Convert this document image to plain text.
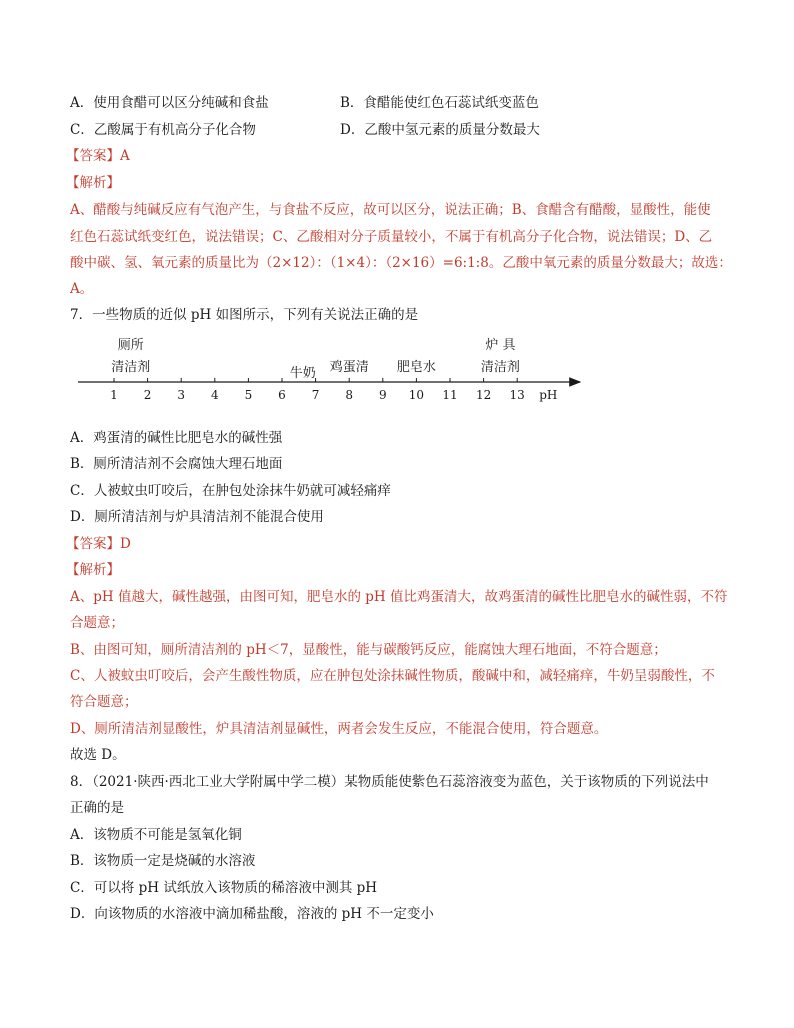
A．使用食醋可以区分纯碱和食盐	B．食醋能使红色石蕊试纸变蓝色
C．乙酸属于有机高分子化合物	D．乙酸中氢元素的质量分数最大
【答案】A
【解析】
A、醋酸与纯碱反应有气泡产生，与食盐不反应，故可以区分，说法正确；B、食醋含有醋酸，显酸性，能使
红色石蕊试纸变红色，说法错误；C、乙酸相对分子质量较小，不属于有机高分子化合物，说法错误；D、乙
酸中碳、氢、氧元素的质量比为（2×12）：（1×4）：（2×16）=6:1:8。乙酸中氧元素的质量分数最大；故选：
A。
7．一些物质的近似 pH 如图所示，下列有关说法正确的是
1 2 3 4 5 6 7 8 9 10 11 12 13 pH
厕所
清洁剂	牛奶 鸡蛋清 肥皂水
炉 具
清洁剂
A．鸡蛋清的碱性比肥皂水的碱性强
B．厕所清洁剂不会腐蚀大理石地面
C．人被蚊虫叮咬后，在肿包处涂抹牛奶就可减轻痛痒
D．厕所清洁剂与炉具清洁剂不能混合使用
【答案】D
【解析】
A、pH 值越大，碱性越强，由图可知，肥皂水的 pH 值比鸡蛋清大，故鸡蛋清的碱性比肥皂水的碱性弱，不符
合题意；
B、由图可知，厕所清洁剂的 pH＜7，显酸性，能与碳酸钙反应，能腐蚀大理石地面，不符合题意；
C、人被蚊虫叮咬后，会产生酸性物质，应在肿包处涂抹碱性物质，酸碱中和，减轻痛痒，牛奶呈弱酸性，不
符合题意；
D、厕所清洁剂显酸性，炉具清洁剂显碱性，两者会发生反应，不能混合使用，符合题意。
故选 D。
8．（2021·陕西·西北工业大学附属中学二模）某物质能使紫色石蕊溶液变为蓝色，关于该物质的下列说法中
正确的是
A．该物质不可能是氢氧化铜
B．该物质一定是烧碱的水溶液
C．可以将 pH 试纸放入该物质的稀溶液中测其 pH
D．向该物质的水溶液中滴加稀盐酸，溶液的 pH 不一定变小
